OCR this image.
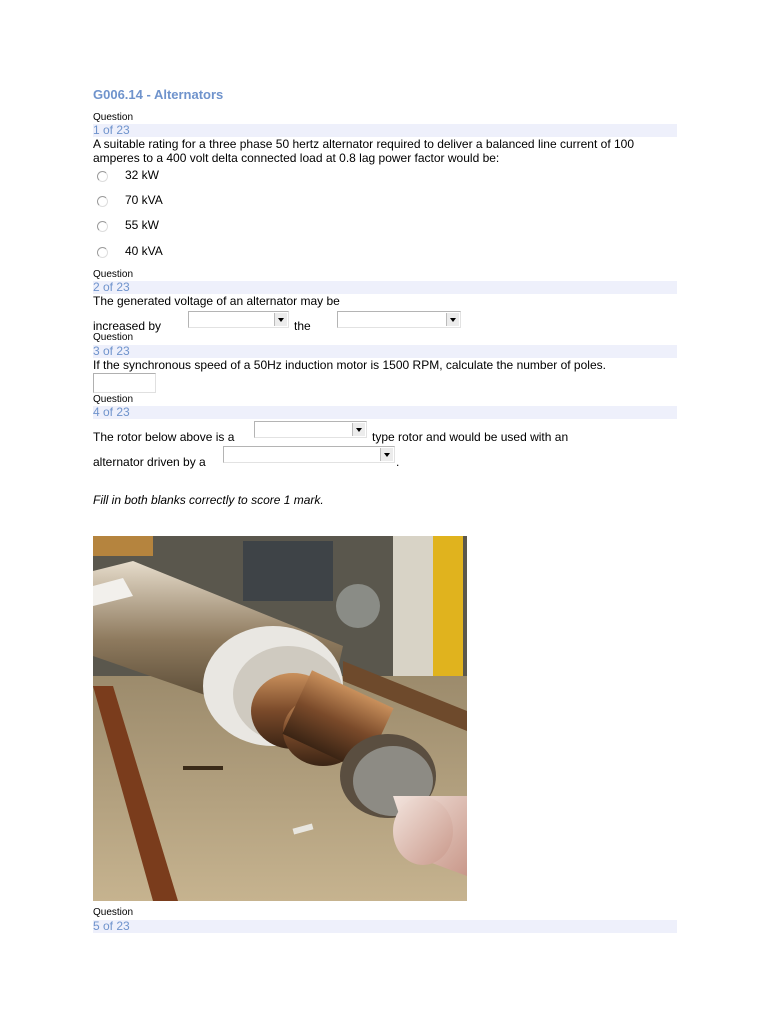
G006.14 - Alternators
Question
1 of 23
A suitable rating for a three phase 50 hertz alternator required to deliver a balanced line current of 100 amperes to a 400 volt delta connected load at 0.8 lag power factor would be:
32 kW
70 kVA
55 kW
40 kVA
Question
2 of 23
The generated voltage of an alternator may be
increased by	the
Question
3 of 23
If the synchronous speed of a 50Hz induction motor is 1500 RPM, calculate the number of poles.
Question
4 of 23
The rotor below above is a	type rotor and would be used with an
alternator driven by a	.
Fill in both blanks correctly to score 1 mark.
Question
5 of 23
